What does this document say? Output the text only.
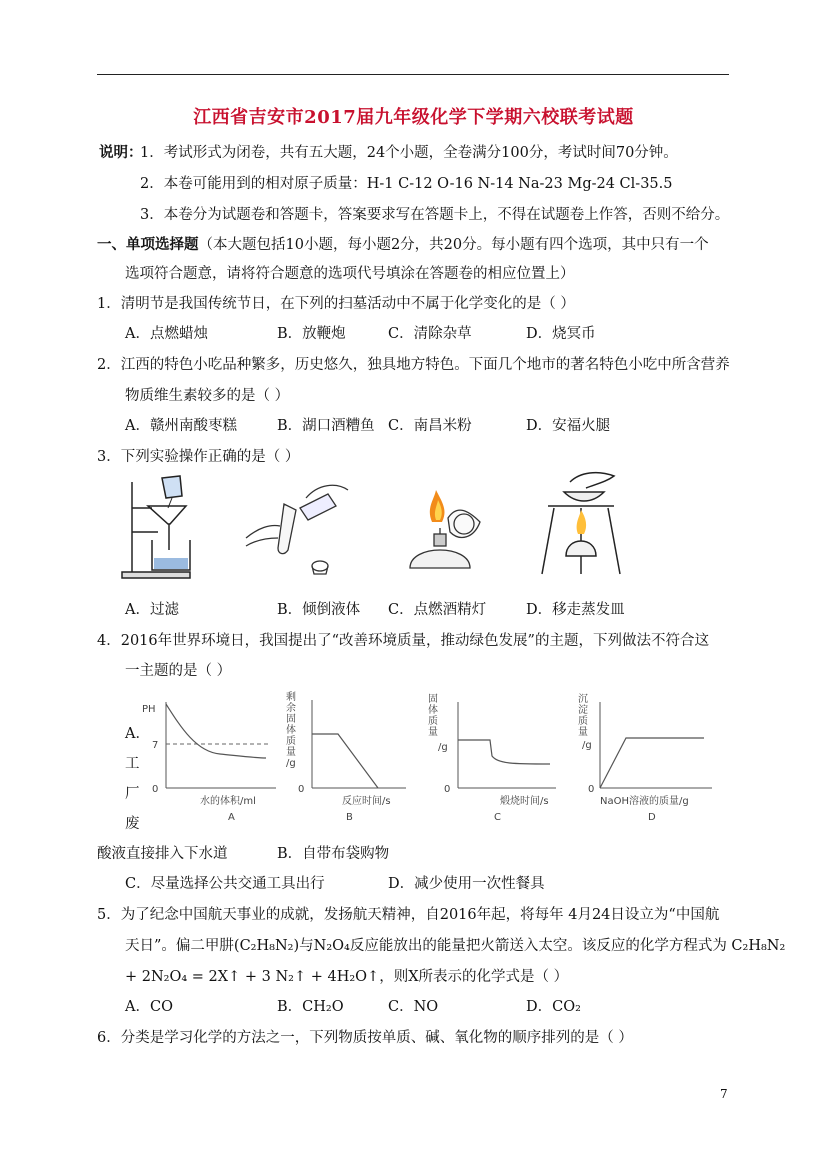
江西省吉安市2017届九年级化学下学期六校联考试题
说明：
1．考试形式为闭卷，共有五大题，24个小题，全卷满分100分，考试时间70分钟。
2．本卷可能用到的相对原子质量：H-1 C-12 O-16 N-14 Na-23 Mg-24 Cl-35.5
3．本卷分为试题卷和答题卡，答案要求写在答题卡上，不得在试题卷上作答，否则不给分。
一、单项选择题（本大题包括10小题，每小题2分，共20分。每小题有四个选项，其中只有一个
选项符合题意，请将符合题意的选项代号填涂在答题卷的相应位置上）
1．清明节是我国传统节日，在下列的扫墓活动中不属于化学变化的是（ ）
A．点燃蜡烛	B．放鞭炮	C．清除杂草	D．烧冥币
2．江西的特色小吃品种繁多，历史悠久，独具地方特色。下面几个地市的著名特色小吃中所含营养
物质维生素较多的是（ ）
A．赣州南酸枣糕	B．湖口酒糟鱼 C．南昌米粉	D．安福火腿
3．下列实验操作正确的是（ ）
A．过滤	B．倾倒液体 C．点燃酒精灯	D．移走蒸发皿
4．2016年世界环境日，我国提出了“改善环境质量，推动绿色发展”的主题，下列做法不符合这
一主题的是（ ）
A．
工
厂
废
PH
7
0
水的体积/ml
A
剩
余
固
体
质
量
/g
0
反应时间/s
B
固
体
质
量
/g
0
煅烧时间/s
C
沉
淀
质
量
/g
0
NaOH溶液的质量/g
D
酸液直接排入下水道	B．自带布袋购物
C．尽量选择公共交通工具出行	D．减少使用一次性餐具
5．为了纪念中国航天事业的成就，发扬航天精神，自2016年起，将每年 4月24日设立为“中国航
天日”。偏二甲肼(C₂H₈N₂)与N₂O₄反应能放出的能量把火箭送入太空。该反应的化学方程式为 C₂H₈N₂
+ 2N₂O₄ = 2X↑ + 3 N₂↑ + 4H₂O↑，则X所表示的化学式是（ ）
A．CO	B．CH₂O	C．NO	D．CO₂
6．分类是学习化学的方法之一，下列物质按单质、碱、氧化物的顺序排列的是（ ）
7
